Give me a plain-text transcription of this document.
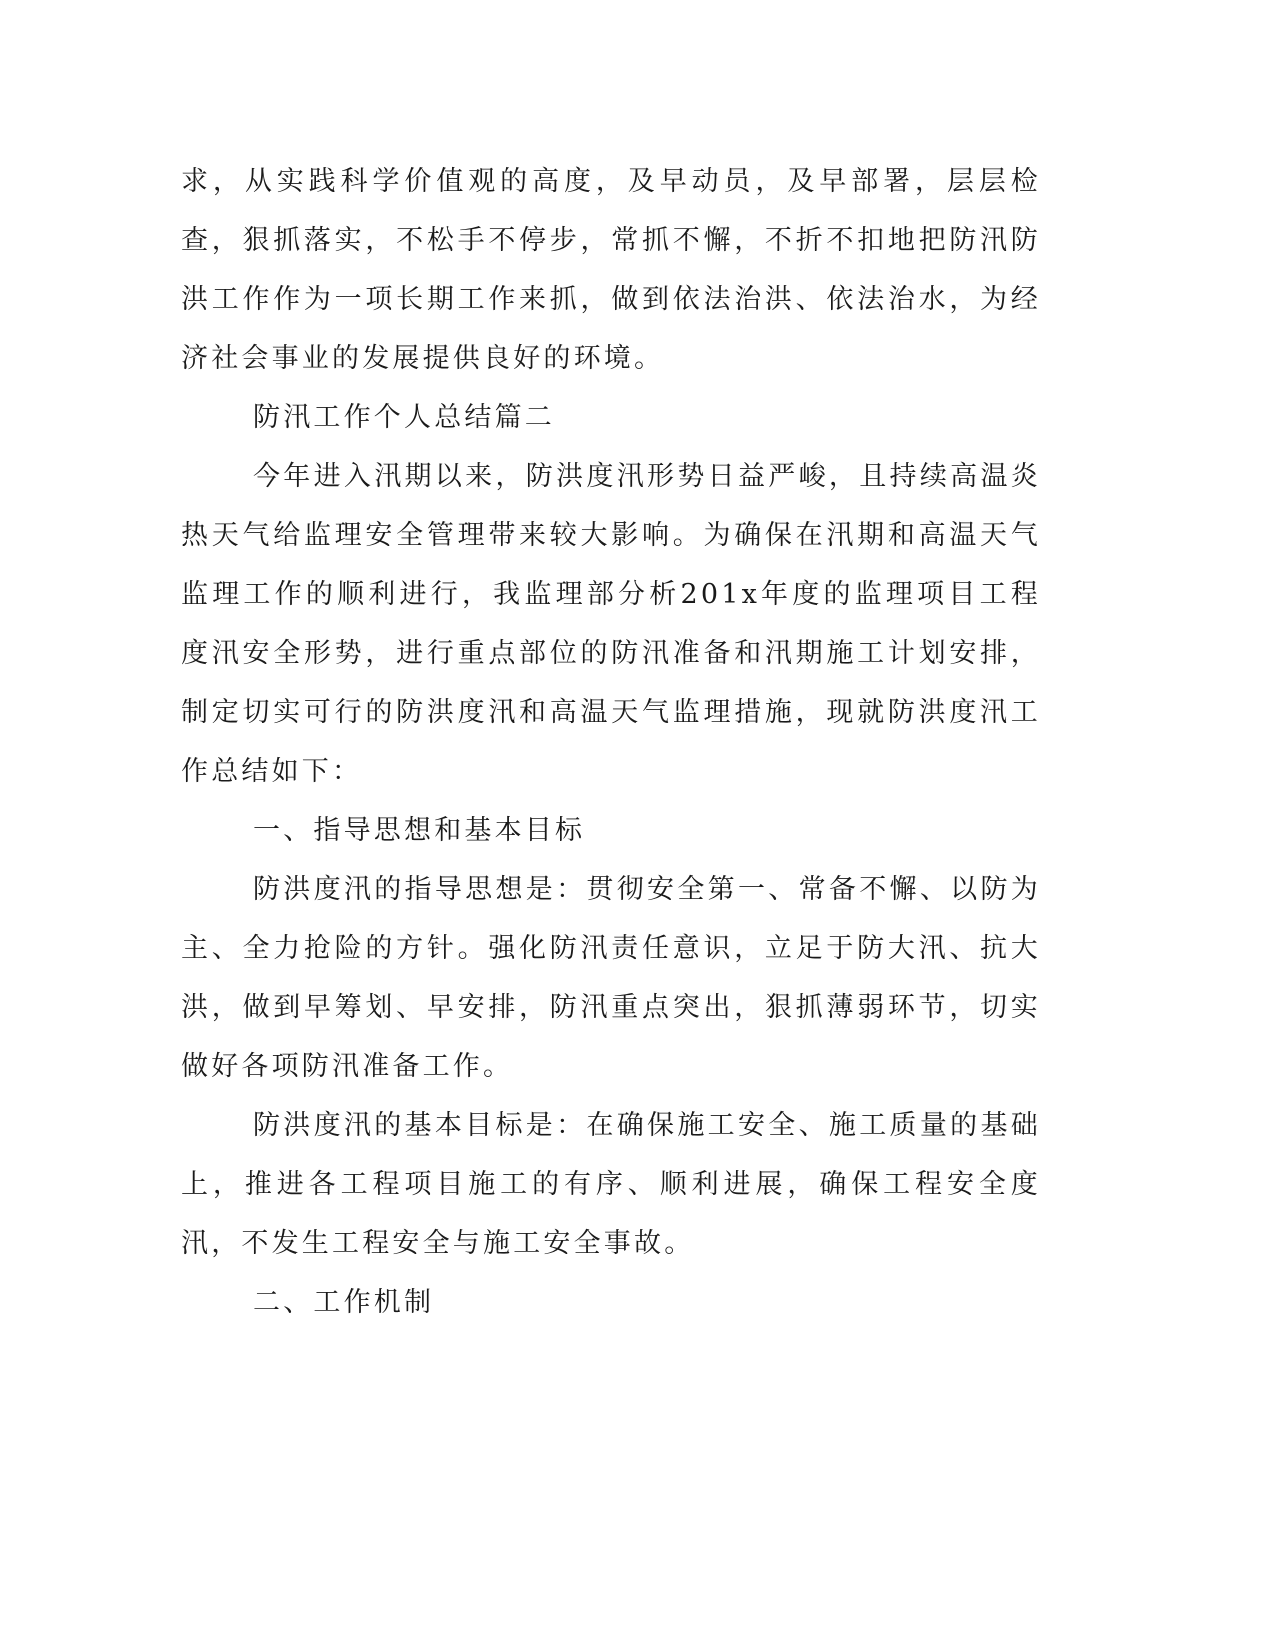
求，从实践科学价值观的高度，及早动员，及早部署，层层检查，狠抓落实，不松手不停步，常抓不懈，不折不扣地把防汛防洪工作作为一项长期工作来抓，做到依法治洪、依法治水，为经济社会事业的发展提供良好的环境。

防汛工作个人总结篇二

今年进入汛期以来，防洪度汛形势日益严峻，且持续高温炎热天气给监理安全管理带来较大影响。为确保在汛期和高温天气监理工作的顺利进行，我监理部分析201x年度的监理项目工程度汛安全形势，进行重点部位的防汛准备和汛期施工计划安排，制定切实可行的防洪度汛和高温天气监理措施，现就防洪度汛工作总结如下：

一、指导思想和基本目标

防洪度汛的指导思想是：贯彻安全第一、常备不懈、以防为主、全力抢险的方针。强化防汛责任意识，立足于防大汛、抗大洪，做到早筹划、早安排，防汛重点突出，狠抓薄弱环节，切实做好各项防汛准备工作。

防洪度汛的基本目标是：在确保施工安全、施工质量的基础上，推进各工程项目施工的有序、顺利进展，确保工程安全度汛，不发生工程安全与施工安全事故。

二、工作机制
